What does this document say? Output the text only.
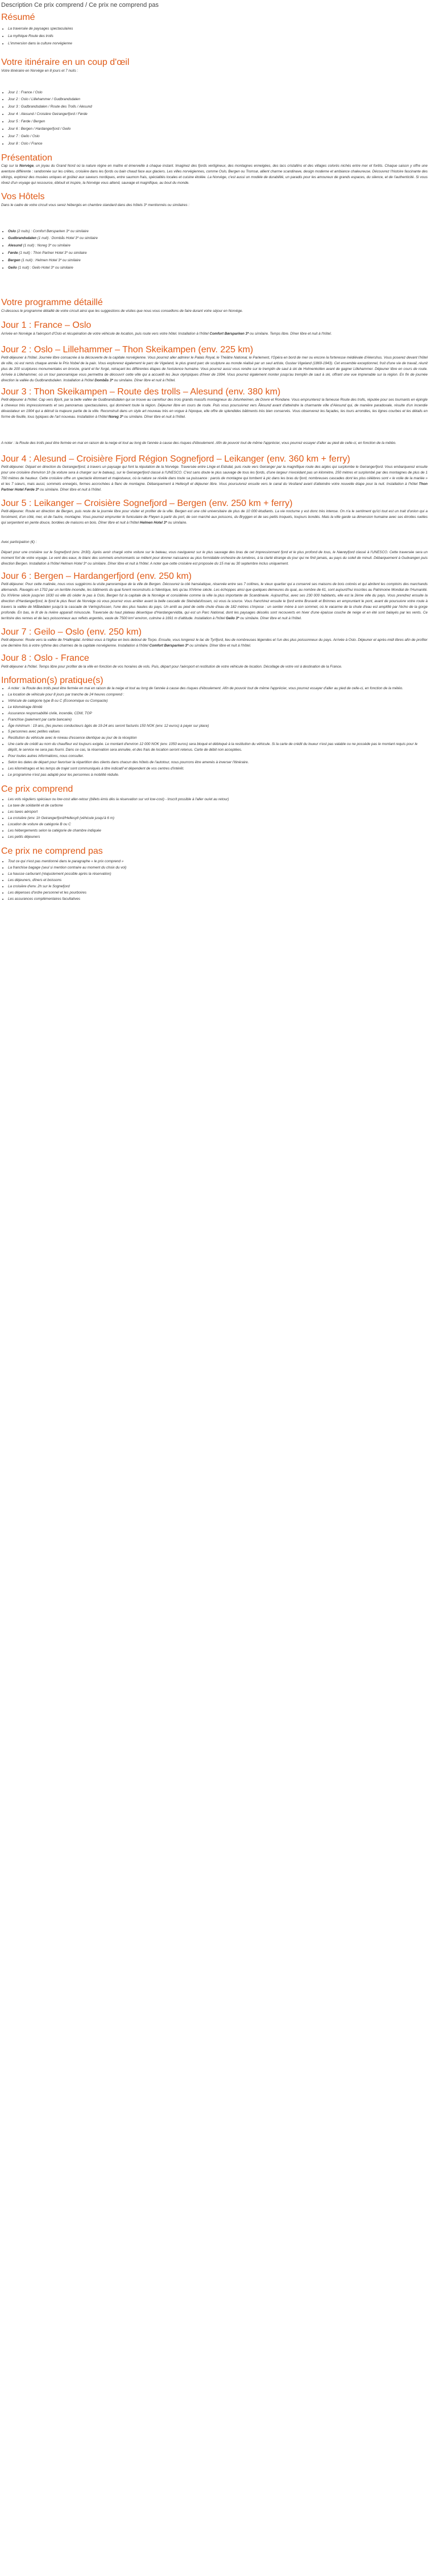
Description Ce prix comprend / Ce prix ne comprend pas
Résumé
• La traversée de paysages spectaculaires
• La mythique Route des trolls
• L'immersion dans la culture norvégienne
Votre itinéraire en un coup d'œil

Votre itinéraire en Norvège en 8 jours et 7 nuits :

• Jour 1 : France / Oslo
• Jour 2 : Oslo / Lillehammer / Gudbrandsdalen
• Jour 3 : Gudbrandsdalen / Route des Trolls / Alesund
• Jour 4 : Alesund / Croisière Geirangerfjord / Førde
• Jour 5 : Førde / Bergen
• Jour 6 : Bergen / Hardangerfjord / Geilo
• Jour 7 : Geilo / Oslo
• Jour 8 : Oslo / France
Présentation

Cap sur la Norvège, un joyau du Grand Nord où la nature règne en maître et émerveille à chaque instant. Imaginez des fjords vertigineux, des montagnes enneigées, des lacs cristallins et des villages colorés nichés entre mer et forêts. Chaque saison y offre une aventure différente : randonnée sur les crêtes, croisière dans les fjords ou bain chaud face aux glaciers. Les villes norvégiennes, comme Oslo, Bergen ou Tromsø, allient charme scandinave, design moderne et ambiance chaleureuse. Découvrez l'histoire fascinante des vikings, explorez des musées uniques et goûtez aux saveurs nordiques, entre saumon frais, spécialités locales et cuisine étoilée. La Norvège, c'est aussi un modèle de durabilité, un paradis pour les amoureux de grands espaces, du silence, et de l'authenticité. Si vous rêvez d'un voyage qui ressource, éblouit et inspire, la Norvège vous attend, sauvage et magnifique, au bout du monde.

Vos Hôtels

Dans le cadre de votre circuit vous serez hébergés en chambre standard dans des hôtels 3* mentionnés ou similaires :

• Oslo (2 nuits) : Comfort Børsparken 3* ou similaire
• Gudbrandsdalen (1 nuit) : Dombås Hotel 3* ou similaire
• Alesund (1 nuit) : Noreg 3* ou similaire
• Førde (1 nuit) : Thon Partner Hotel 3* ou similaire
• Bergen (1 nuit) : Helmen Hotel 3* ou similaire
• Geilo (1 nuit) : Geilo Hotel 3* ou similaire
Votre programme détaillé

Ci-dessous le programme détaillé de votre circuit ainsi que les suggestions de visites que nous vous conseillons de faire durant votre séjour en Norvège.

Jour 1 : France – Oslo

Arrivée en Norvège à l'aéroport d'Oslo et récupération de votre véhicule de location, puis route vers votre hôtel. Installation à l'hôtel Comfort Børsparken 3* ou similaire. Temps libre. Dîner libre et nuit à l'hôtel.

Jour 2 : Oslo – Lillehammer – Thon Skeikampen (env. 225 km)

Petit-déjeuner à l'hôtel. Journée libre consacrée à la découverte de la capitale norvégienne. Vous pourrez aller admirer le Palais Royal, le Théâtre National, le Parlement, l'Opéra en bord de mer ou encore la forteresse médiévale d'Akershus. Vous poserez devant l'hôtel de ville, où est remis chaque année le Prix Nobel de la paix. Vous explorerez également le parc de Vigeland, le plus grand parc de sculpture au monde réalisé par un seul artiste, Gustav Vigeland (1869-1943). Cet ensemble exceptionnel, fruit d'une vie de travail, réunit plus de 200 sculptures monumentales en bronze, granit et fer forgé, retraçant les différentes étapes de l'existence humaine. Vous pourrez aussi vous rendre sur le tremplin de saut à ski de Holmenkollen avant de gagner Lillehammer. Déjeuner libre en cours de route. Arrivée à Lillehammer, où un tour panoramique vous permettra de découvrir cette ville qui a accueilli les Jeux olympiques d'hiver de 1994. Vous pourrez également monter jusqu'au tremplin de saut à ski, offrant une vue imprenable sur la région. En fin de journée direction la vallée du Gudbrandsdalen. Installation à l'hôtel Dombås 3* ou similaire. Dîner libre et nuit à l'hôtel.

Jour 3 : Thon Skeikampen – Route des trolls – Alesund (env. 380 km)

Petit-déjeuner à l'hôtel. Cap vers Bjorli, par la belle vallée de Gudbrandsdalen qui se trouve au carrefour des trois grands massifs montagneux du Jotunheimen, de Dovre et Rondane. Vous emprunterez la fameuse Route des trolls, réputée pour ses tournants en épingle à cheveux très impressionnants et ses panoramas spectaculaires, qui dominent toute la région. Déjeuner libre en cours de route. Puis vous poursuivrez vers Ålesund avant d'atteindre la charmante ville d'Alesund qui, de manière paradoxale, résulte d'un incendie dévastateur en 1904 qui a détruit la majeure partie de la ville. Reconstruit dans un style art nouveau très en vogue à l'époque, elle offre de splendides bâtiments très bien conservés. Vous observerez les façades, les tours arrondies, les lignes courbes et les détails en forme de feuille, tous typiques de l'art nouveau. Installation à l'hôtel Noreg 3* ou similaire. Dîner libre et nuit à l'hôtel.

A noter : la Route des trolls peut être fermée en mai en raison de la neige et tout au long de l'année à cause des risques d'éboulement. Afin de pouvoir tout de même l'apprécier, vous pourrez essayer d'aller au pied de celle-ci, en fonction de la météo.

Jour 4 : Alesund – Croisière Fjord Région Sognefjord – Leikanger (env. 360 km + ferry)

Petit-déjeuner. Départ en direction du Geirangerfjord, à travers un paysage qui font la réputation de la Norvège. Traversée entre Linge et Eidsdal, puis route vers Geiranger par la magnifique route des aigles qui surplombe le Geirangerfjord. Vous embarquerez ensuite pour une croisière d'environ 1h (la voiture sera à charger sur le bateau), sur le Geirangerfjord classé à l'UNESCO. C'est sans doute le plus sauvage de tous les fjords, d'une largeur n'excédant pas un kilomètre, 250 mètres et surplombé par des montagnes de plus de 1 700 mètres de hauteur. Cette croisière offre un spectacle étonnant et majestueux, où la nature se révèle dans toute sa puissance : parois de montagne qui tombent à pic dans les bras du fjord, nombreuses cascades dont les plus célèbres sont « le voile de la mariée » et les 7 sœurs, mais aussi, sommets enneigés, fermes accrochées à flanc de montagne. Débarquement à Hellesylt et déjeuner libre. Vous poursuivrez ensuite vers le canal du Vestland avant d'atteindre votre nouvelle étape pour la nuit. Installation à l'hôtel Thon Partner Hotel Førde 3* ou similaire. Dîner libre et nuit à l'hôtel.

Jour 5 : Leikanger – Croisière Sognefjord – Bergen (env. 250 km + ferry)

Petit-déjeuner. Route en direction de Bergen, puis reste de la journée libre pour visiter et profiter de la ville. Bergen est une cité universitaire de plus de 10 000 étudiants. La vie nocturne y est donc très intense. On n'a le sentiment qu'ici tout est un trait d'union qui a forcément, d'un côté, mer, et de l'autre, montagne. Vous pourrez emprunter le funiculaire de Fløyen à partir du port, de son marché aux poissons, du Bryggen et de ses petits troquets, toujours bondés. Mais la ville garde sa dimension humaine avec ses étroites ruelles qui serpentent en pente douce, bordées de maisons en bois. Dîner libre et nuit à l'hôtel Helmen Hotel 3* ou similaire.

Avec participation (€) :

Départ pour une croisière sur le Sognefjord (env. 2h30). Après avoir chargé votre voiture sur le bateau, vous naviguerez sur le plus sauvage des bras de cet impressionnant fjord et le plus profond de tous, le Nærøyfjord classé à l'UNESCO. Cette traversée sera un moment fort de votre voyage. Le vent des eaux, le blanc des sommets environnants se mêlent pour donner naissance au plus formidable orchestre de lumières, à la clarté étrange du jour qui ne finit jamais, au pays du soleil de minuit. Débarquement à Gudvangen puis direction Bergen. Installation à l'hôtel Helmen Hotel 3* ou similaire. Dîner libre et nuit à l'hôtel. A noter que cette croisière est proposée du 15 mai au 30 septembre inclus uniquement.

Jour 6 : Bergen – Hardangerfjord (env. 250 km)

Petit-déjeuner. Pour cette matinée, nous vous suggérons la visite panoramique de la ville de Bergen. Découvrez la cité hanséatique, réservée entre ses 7 collines, le vieux quartier qui a conservé ses maisons de bois colorés et qui abritent les comptoirs des marchands allemands. Ravagés en 1702 par un terrible incendie, les bâtiments du quai furent reconstruits à l'identique, tels qu'au XIVème siècle. Les échoppes ainsi que quelques demeures du quai, au nombre de 61, sont aujourd'hui inscrites au Patrimoine Mondial de l'Humanité. Du XIVème siècle jusqu'en 1630 où elle dû céder le pas à Oslo, Bergen fut la capitale de la Norvège et considérée comme la ville la plus importante de Scandinavie. Aujourd'hui, avec ses 230 000 habitants, elle est la 2ème ville du pays. Vous prendrez ensuite la direction d'Hardangerfjord, le fjord le plus fleuri de Norvège où vous pourrez vous arrêter avant la belle cascade de Steindalsfossen, où vous la source. Vous franchirez ensuite le fjord entre Bruravik et Brimnes en empruntant le pont, avant de poursuivre votre route à travers la vallée de Måbødalen jusqu'à la cascade de Vøringsfossen, l'une des plus hautes du pays. Un arrêt au pied de cette chute d'eau de 182 mètres s'impose : un sentier mène à son sommet, où le vacarme de la chute d'eau est amplifié par l'écho de la gorge profonde. En bas, le lit de la rivière apparaît minuscule. Traversée du haut plateau désertique d'Hardangervidda, qui est un Parc National, dont les paysages désolés sont recouverts en hiver d'une épaisse couche de neige et en été sont balayés par les vents. Ce territoire des rennes et de lacs poissonneux aux reflets argentés, vaste de 7500 km² environ, culmine à 1691 m d'altitude. Installation à l'hôtel Geilo 3* ou similaire. Dîner libre et nuit à l'hôtel.

Jour 7 : Geilo – Oslo (env. 250 km)

Petit-déjeuner. Route vers la vallée de l'Hallingdal. Arrêtez-vous à l'église en bois debout de Torpo. Ensuite, vous longerez le lac de Tyrifjord, lieu de nombreuses légendes et l'un des plus poissonneux du pays. Arrivée à Oslo. Déjeuner et après-midi libres afin de profiter une dernière fois à votre rythme des charmes de la capitale norvégienne. Installation à l'hôtel Comfort Børsparken 3* ou similaire. Dîner libre et nuit à l'hôtel.

Jour 8 : Oslo - France

Petit-déjeuner à l'hôtel. Temps libre pour profiter de la ville en fonction de vos horaires de vols. Puis, départ pour l'aéroport et restitution de votre véhicule de location. Décollage de votre vol à destination de la France.

Information(s) pratique(s)
• A noter : la Route des trolls peut être fermée en mai en raison de la neige et tout au long de l'année à cause des risques d'éboulement. Afin de pouvoir tout de même l'apprécier, vous pourrez essayer d'aller au pied de celle-ci, en fonction de la météo.
• La location de véhicule pour 8 jours par tranche de 24 heures comprend :
• Véhicule de catégorie type B ou C (Economique ou Compacte)
• Le kilométrage illimité
• Assurance responsabilité civile, incendie, CDW, TOP
• Franchise (paiement par carte bancaire)
• Âge minimum : 19 ans, (les jeunes conducteurs âgés de 19-24 ans seront facturés 150 NOK (env. 12 euros) à payer sur place)
• 5 personnes avec petites valises
• Restitution du véhicule avec le niveau d'essence identique au jour de la réception
• Une carte de crédit au nom du chauffeur est toujours exigée. Le montant d'environ 12 000 NOK (env. 1050 euros) sera bloqué et débloqué à la restitution du véhicule. Si la carte de crédit du loueur n'est pas valable ou ne possède pas le montant requis pour le dépôt, le service ne sera pas fourni. Dans ce cas, la réservation sera annulée, et des frais de location seront retenus. Carte de débit non acceptées.
• Pour toutes autres informations, nous consulter.
• Selon les dates de départ pour favoriser la répartition des clients dans chacun des hôtels de l'autotour, nous pourrons être amenés à inverser l'itinéraire.
• Les kilométrages et les temps de trajet sont communiqués à titre indicatif et dépendent de vos centres d'intérêt.
• Le programme n'est pas adapté pour les personnes à mobilité réduite.
Ce prix comprend
• Les vols réguliers spéciaux ou low-cost aller-retour (billets émis dès la réservation sur vol low-cost) - Inscrit possible à l'aller ou/et au retour)
• La taxe de solidarité et de carbone
• Les taxes aéroport
• La croisière (env. 1h Geirangerfjord/Hellesylt (véhicule jusqu'à 6 m)
• Location de voiture de catégorie B ou C
• Les hébergements selon la catégorie de chambre indiquée
• Les petits déjeuners
Ce prix ne comprend pas
• Tout ce qui n'est pas mentionné dans le paragraphe « le prix comprend »
• La franchise bagage (seul si mention contraire au moment du choix du vol)
• La hausse carburant (réajustement possible après la réservation)
• Les déjeuners, dîners et boissons
• La croisière d'env. 2h sur le Sognefjord
• Les dépenses d'ordre personnel et les pourboires
• Les assurances complémentaires facultatives
